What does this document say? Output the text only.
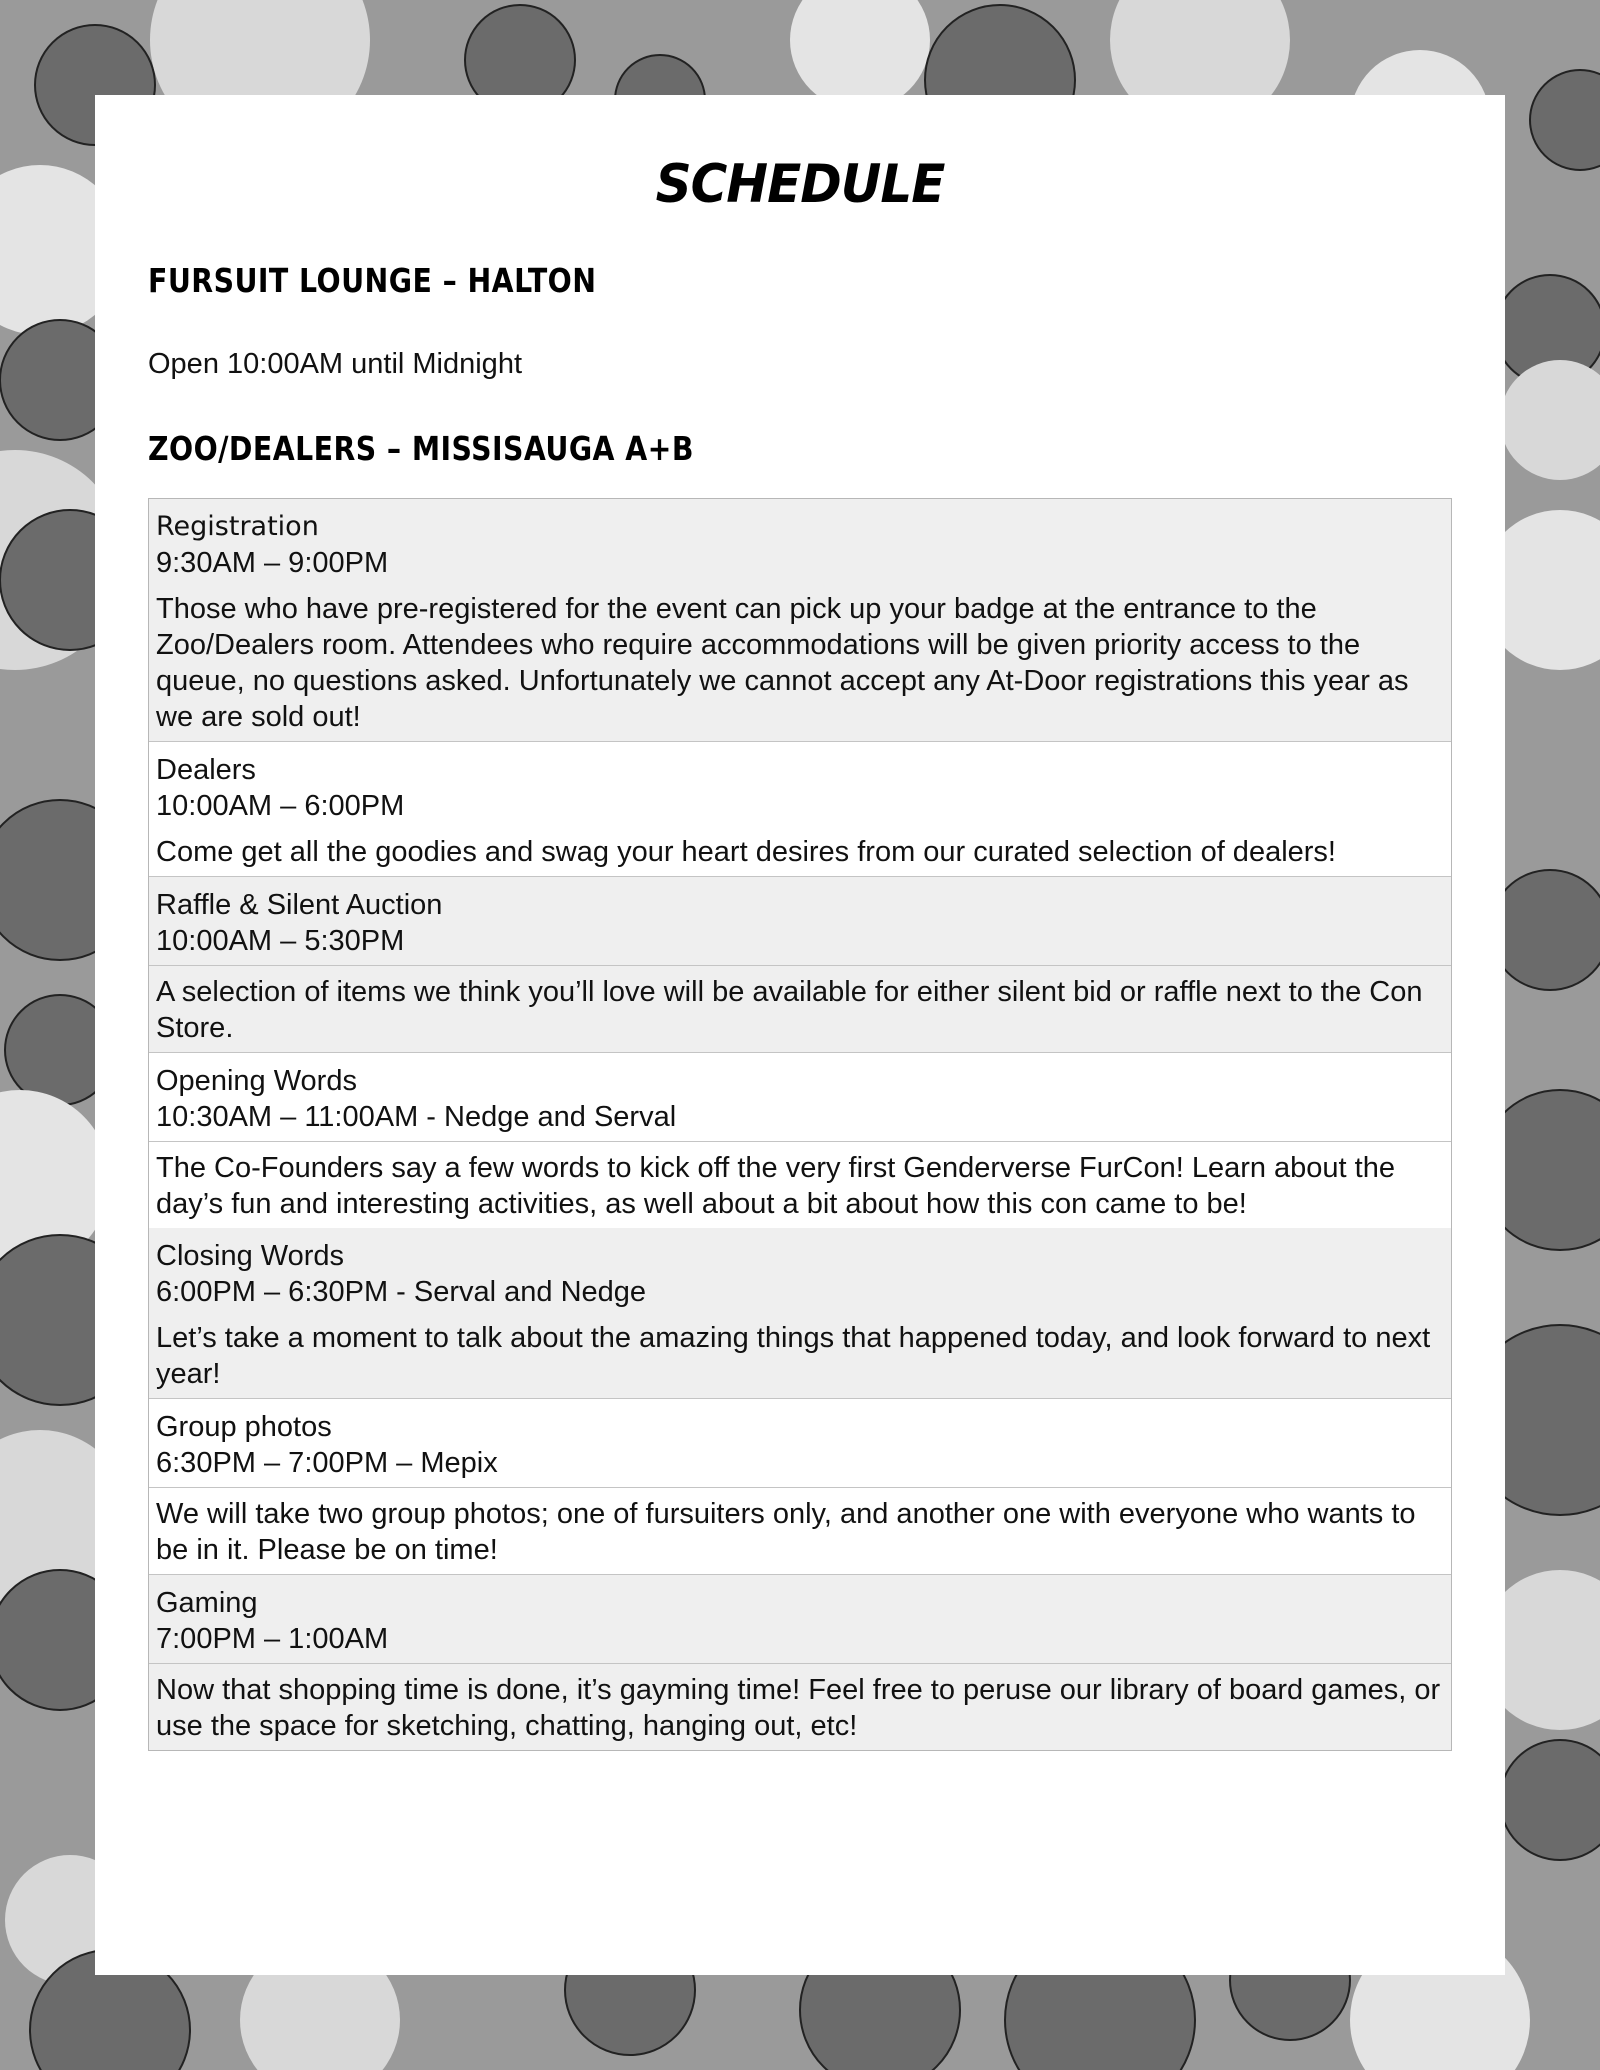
SCHEDULE
FURSUIT LOUNGE – HALTON
Open 10:00AM until Midnight
ZOO/DEALERS – MISSISAUGA A+B
Registration
9:30AM – 9:00PM
Those who have pre-registered for the event can pick up your badge at the entrance to the Zoo/Dealers room. Attendees who require accommodations will be given priority access to the queue, no questions asked. Unfortunately we cannot accept any At-Door registrations this year as we are sold out!
Dealers
10:00AM – 6:00PM
Come get all the goodies and swag your heart desires from our curated selection of dealers!
Raffle & Silent Auction
10:00AM – 5:30PM
A selection of items we think you’ll love will be available for either silent bid or raffle next to the Con Store.
Opening Words
10:30AM – 11:00AM - Nedge and Serval
The Co-Founders say a few words to kick off the very first Genderverse FurCon! Learn about the day’s fun and interesting activities, as well about a bit about how this con came to be!
Closing Words
6:00PM – 6:30PM - Serval and Nedge
Let’s take a moment to talk about the amazing things that happened today, and look forward to next year!
Group photos
6:30PM – 7:00PM – Mepix
We will take two group photos; one of fursuiters only, and another one with everyone who wants to be in it. Please be on time!
Gaming
7:00PM – 1:00AM
Now that shopping time is done, it’s gayming time! Feel free to peruse our library of board games, or use the space for sketching, chatting, hanging out, etc!
